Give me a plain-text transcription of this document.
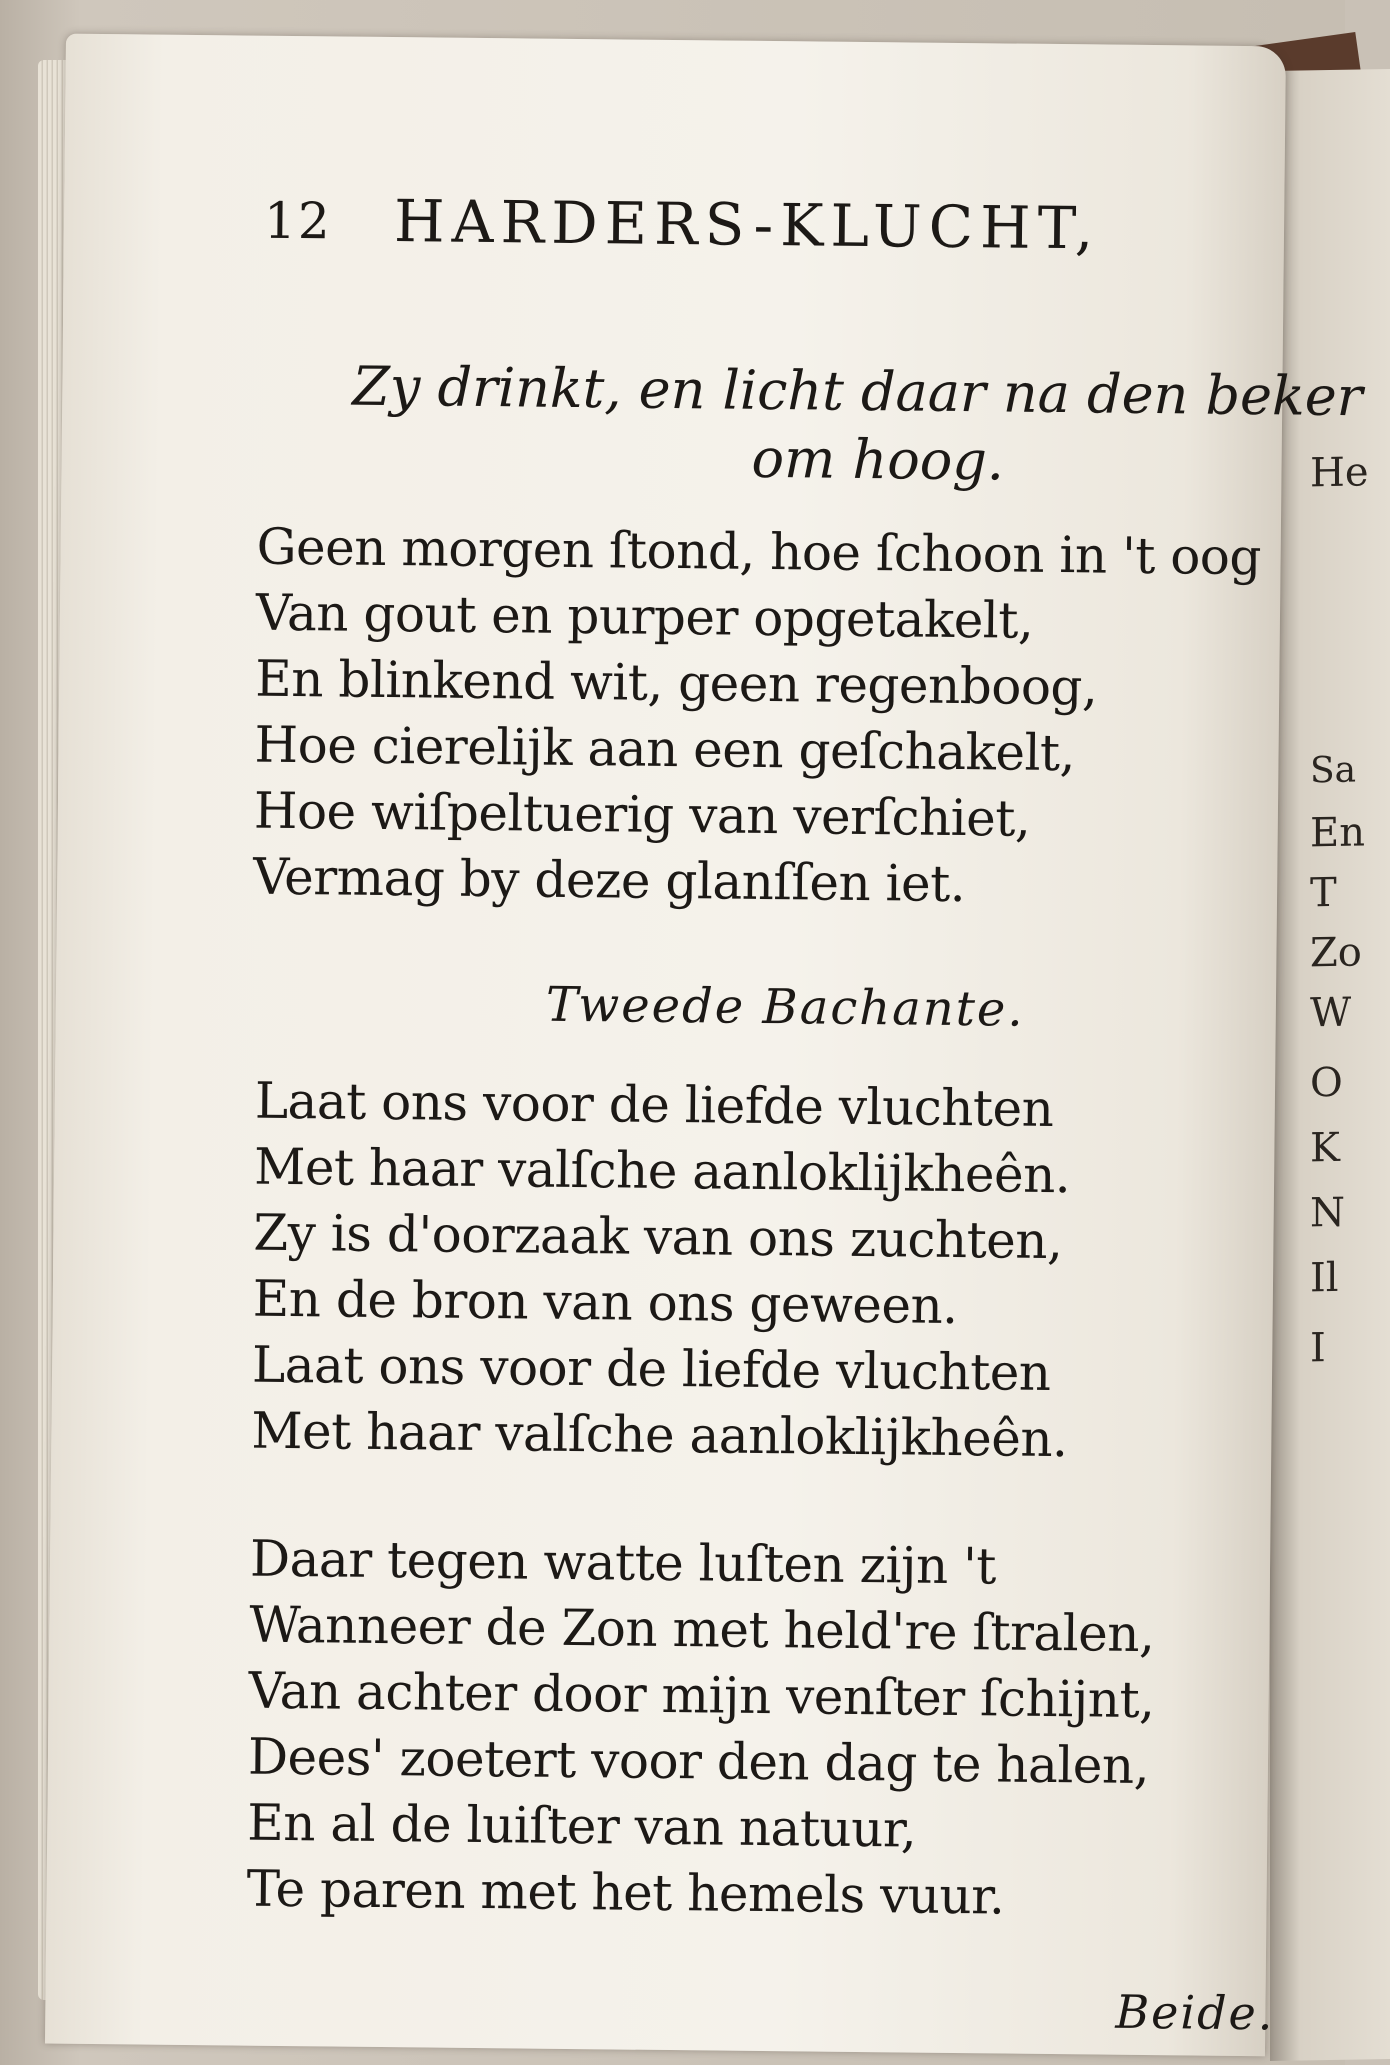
He
Sa
En
T
Zo
W
O
K
N
Il
I
12 HARDERS-KLUCHT,
Zy drinkt, en licht daar na den beker
om hoog.
Geen morgen ſtond, hoe ſchoon in 't oog
Van gout en purper opgetakelt,
En blinkend wit, geen regenboog,
Hoe cierelijk aan een geſchakelt,
Hoe wiſpeltuerig van verſchiet,
Vermag by deze glanſſen iet.
Tweede Bachante.
Laat ons voor de liefde vluchten
Met haar valſche aanloklijkheên.
Zy is d'oorzaak van ons zuchten,
En de bron van ons geween.
Laat ons voor de liefde vluchten
Met haar valſche aanloklijkheên.
Daar tegen watte luſten zijn 't
Wanneer de Zon met held're ſtralen,
Van achter door mijn venſter ſchijnt,
Dees' zoetert voor den dag te halen,
En al de luiſter van natuur,
Te paren met het hemels vuur.
Beide.
